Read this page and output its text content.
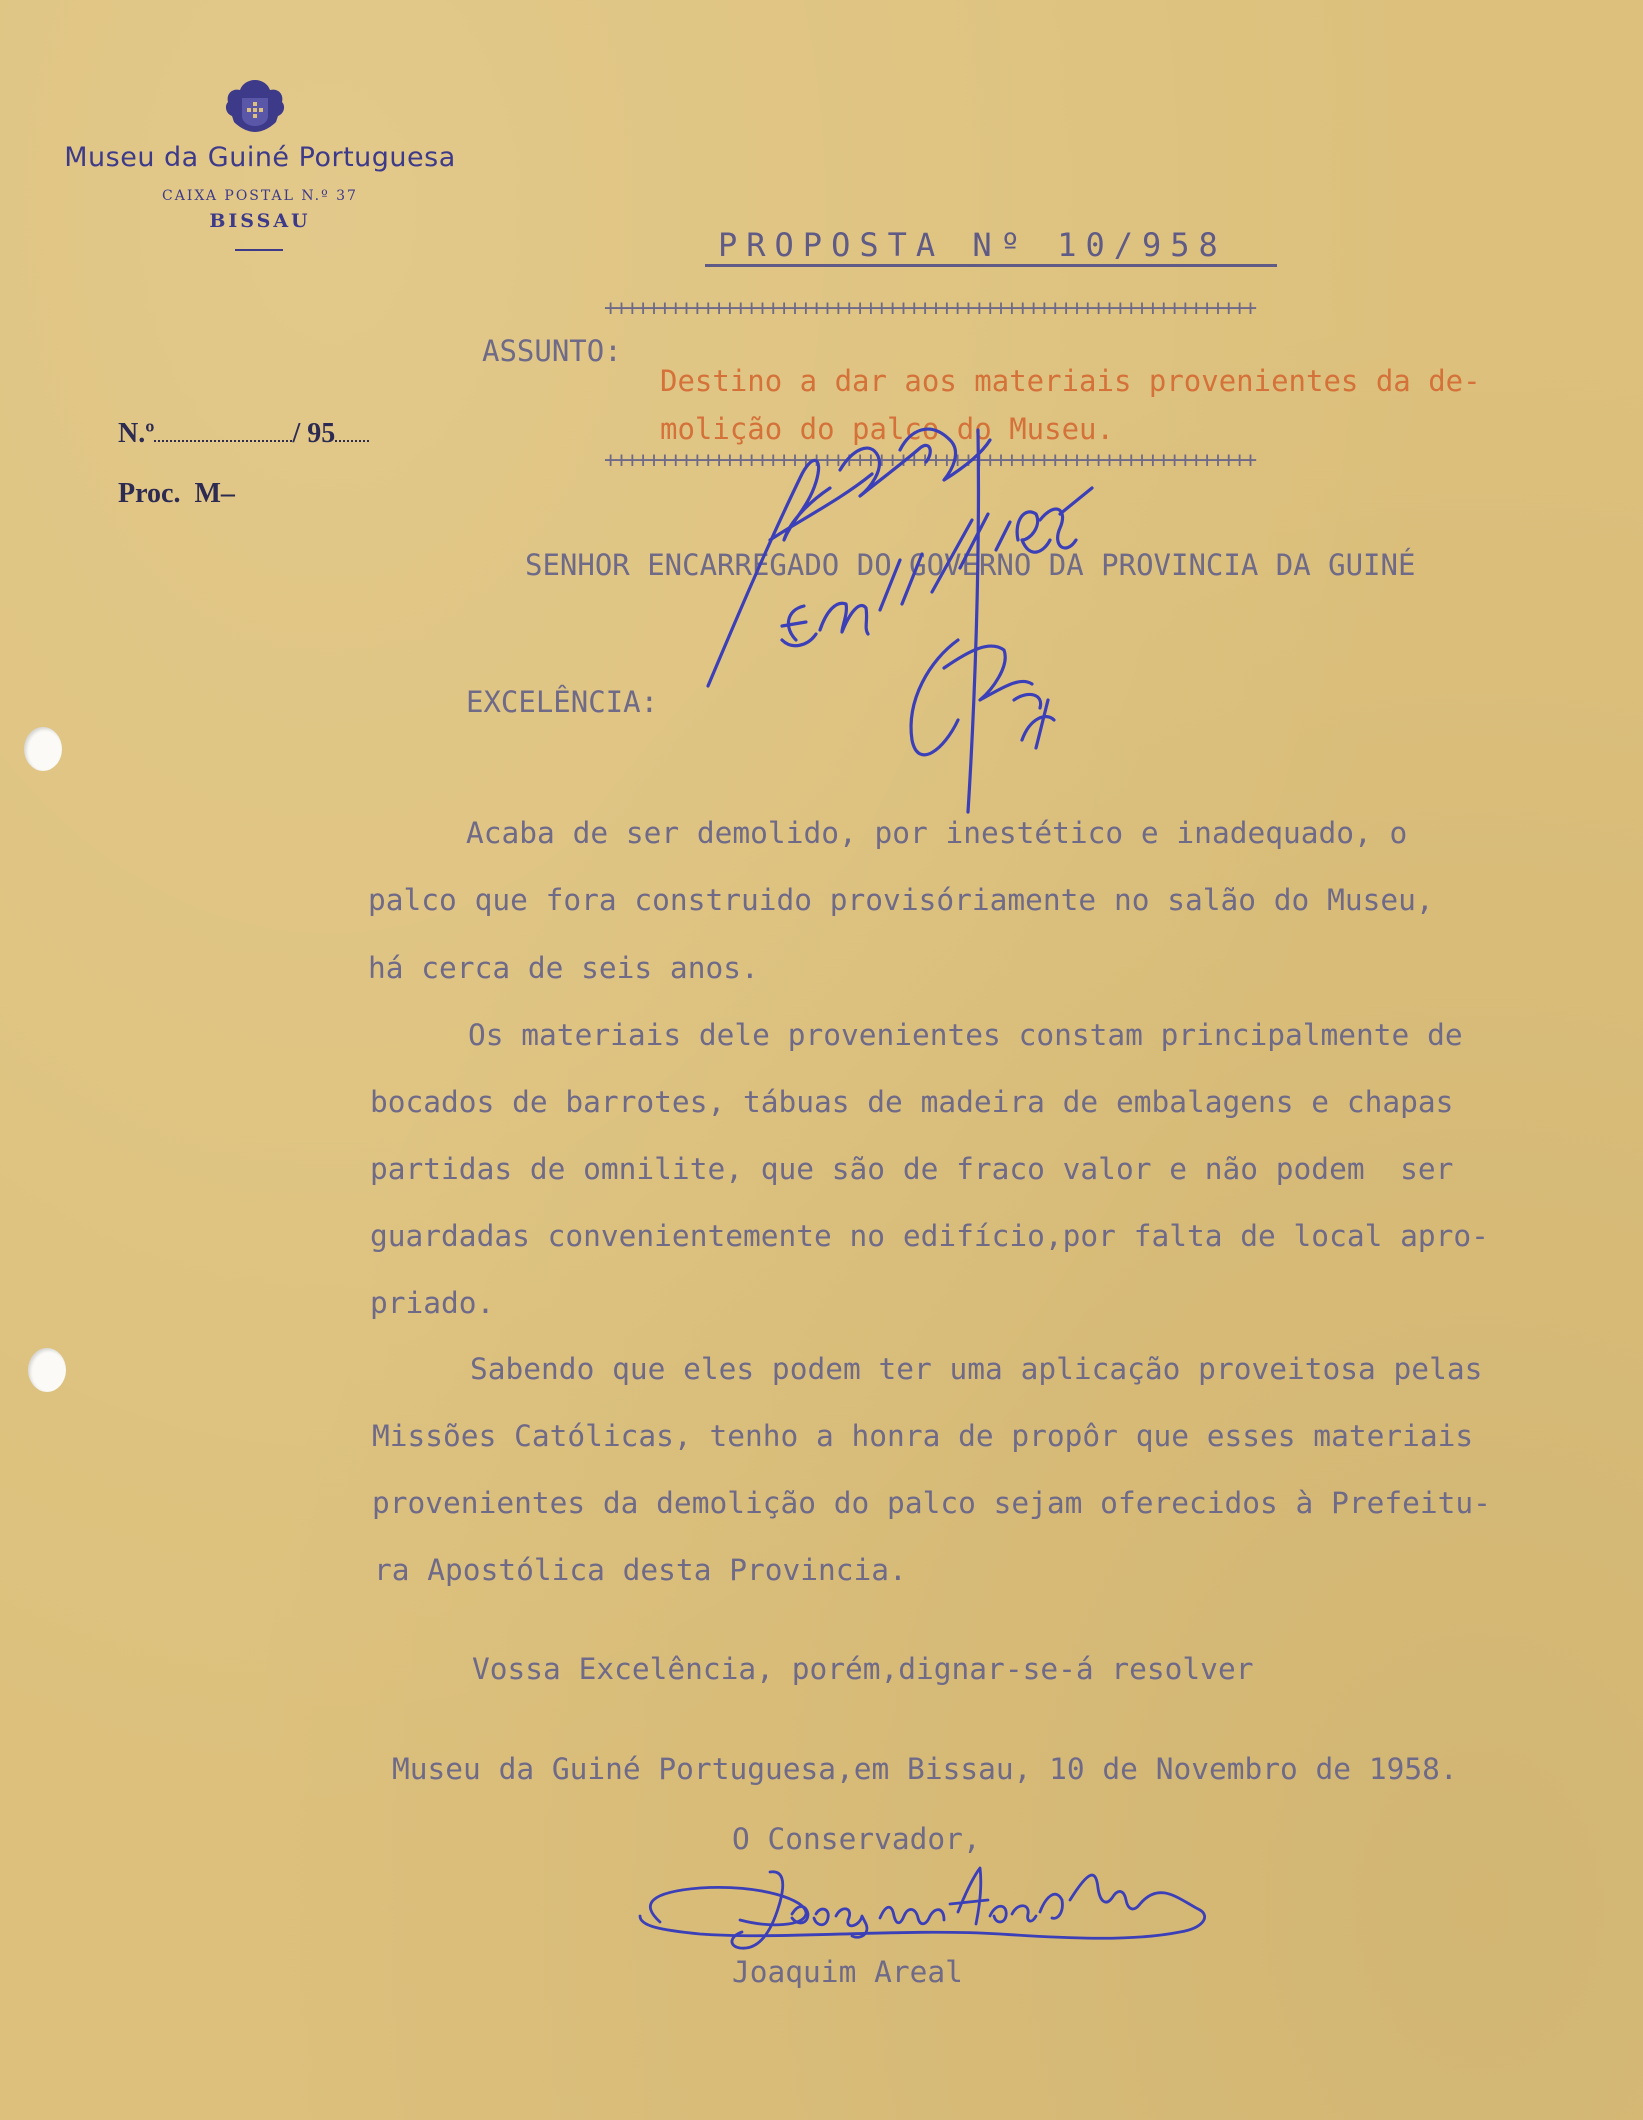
Museu da Guiné Portuguesa
CAIXA POSTAL N.º 37
BISSAU
N.º	/ 95
Proc.  M–
PROPOSTA Nº 10/958
++++++++++++++++++++++++++++++++++++++++++++++++++++++++++++
ASSUNTO:
Destino a dar aos materiais provenientes da de-
molição do palco do Museu.
++++++++++++++++++++++++++++++++++++++++++++++++++++++++++++
SENHOR ENCARREGADO DO GOVERNO DA PROVINCIA DA GUINÉ
EXCELÊNCIA:
Acaba de ser demolido, por inestético e inadequado, o
palco que fora construido provisóriamente no salão do Museu,
há cerca de seis anos.
Os materiais dele provenientes constam principalmente de
bocados de barrotes, tábuas de madeira de embalagens e chapas
partidas de omnilite, que são de fraco valor e não podem  ser
guardadas convenientemente no edifício,por falta de local apro-
priado.
Sabendo que eles podem ter uma aplicação proveitosa pelas
Missões Católicas, tenho a honra de propôr que esses materiais
provenientes da demolição do palco sejam oferecidos à Prefeitu-
ra Apostólica desta Provincia.
Vossa Excelência, porém,dignar-se-á resolver
Museu da Guiné Portuguesa,em Bissau, 10 de Novembro de 1958.
O Conservador,
Joaquim Areal
